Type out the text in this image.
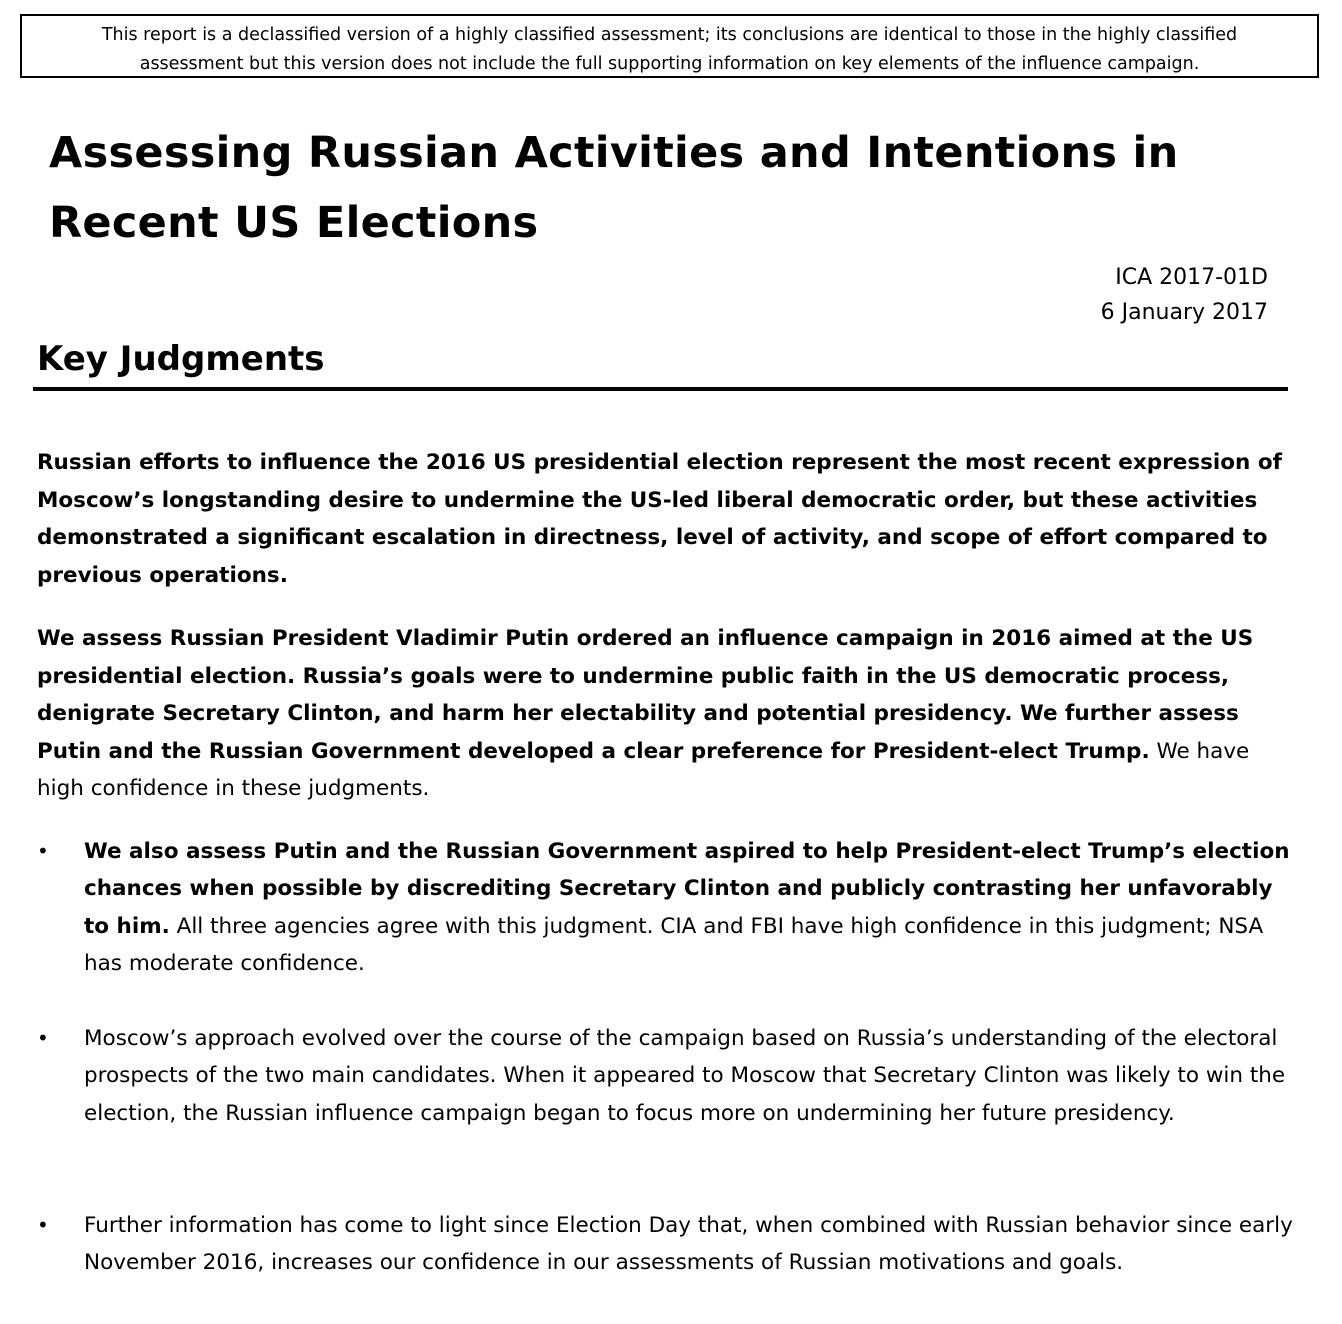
This report is a declassified version of a highly classified assessment; its conclusions are identical to those in the highly classified assessment but this version does not include the full supporting information on key elements of the influence campaign.
Assessing Russian Activities and Intentions in Recent US Elections
ICA 2017-01D
6 January 2017
Key Judgments

Russian efforts to influence the 2016 US presidential election represent the most recent expression of Moscow’s longstanding desire to undermine the US-led liberal democratic order, but these activities demonstrated a significant escalation in directness, level of activity, and scope of effort compared to previous operations.

We assess Russian President Vladimir Putin ordered an influence campaign in 2016 aimed at the US presidential election. Russia’s goals were to undermine public faith in the US democratic process, denigrate Secretary Clinton, and harm her electability and potential presidency. We further assess Putin and the Russian Government developed a clear preference for President-elect Trump. We have high confidence in these judgments.

•	We also assess Putin and the Russian Government aspired to help President-elect Trump’s election chances when possible by discrediting Secretary Clinton and publicly contrasting her unfavorably to him. All three agencies agree with this judgment. CIA and FBI have high confidence in this judgment; NSA has moderate confidence.
•	Moscow’s approach evolved over the course of the campaign based on Russia’s understanding of the electoral prospects of the two main candidates. When it appeared to Moscow that Secretary Clinton was likely to win the election, the Russian influence campaign began to focus more on undermining her future presidency.
•	Further information has come to light since Election Day that, when combined with Russian behavior since early November 2016, increases our confidence in our assessments of Russian motivations and goals.
